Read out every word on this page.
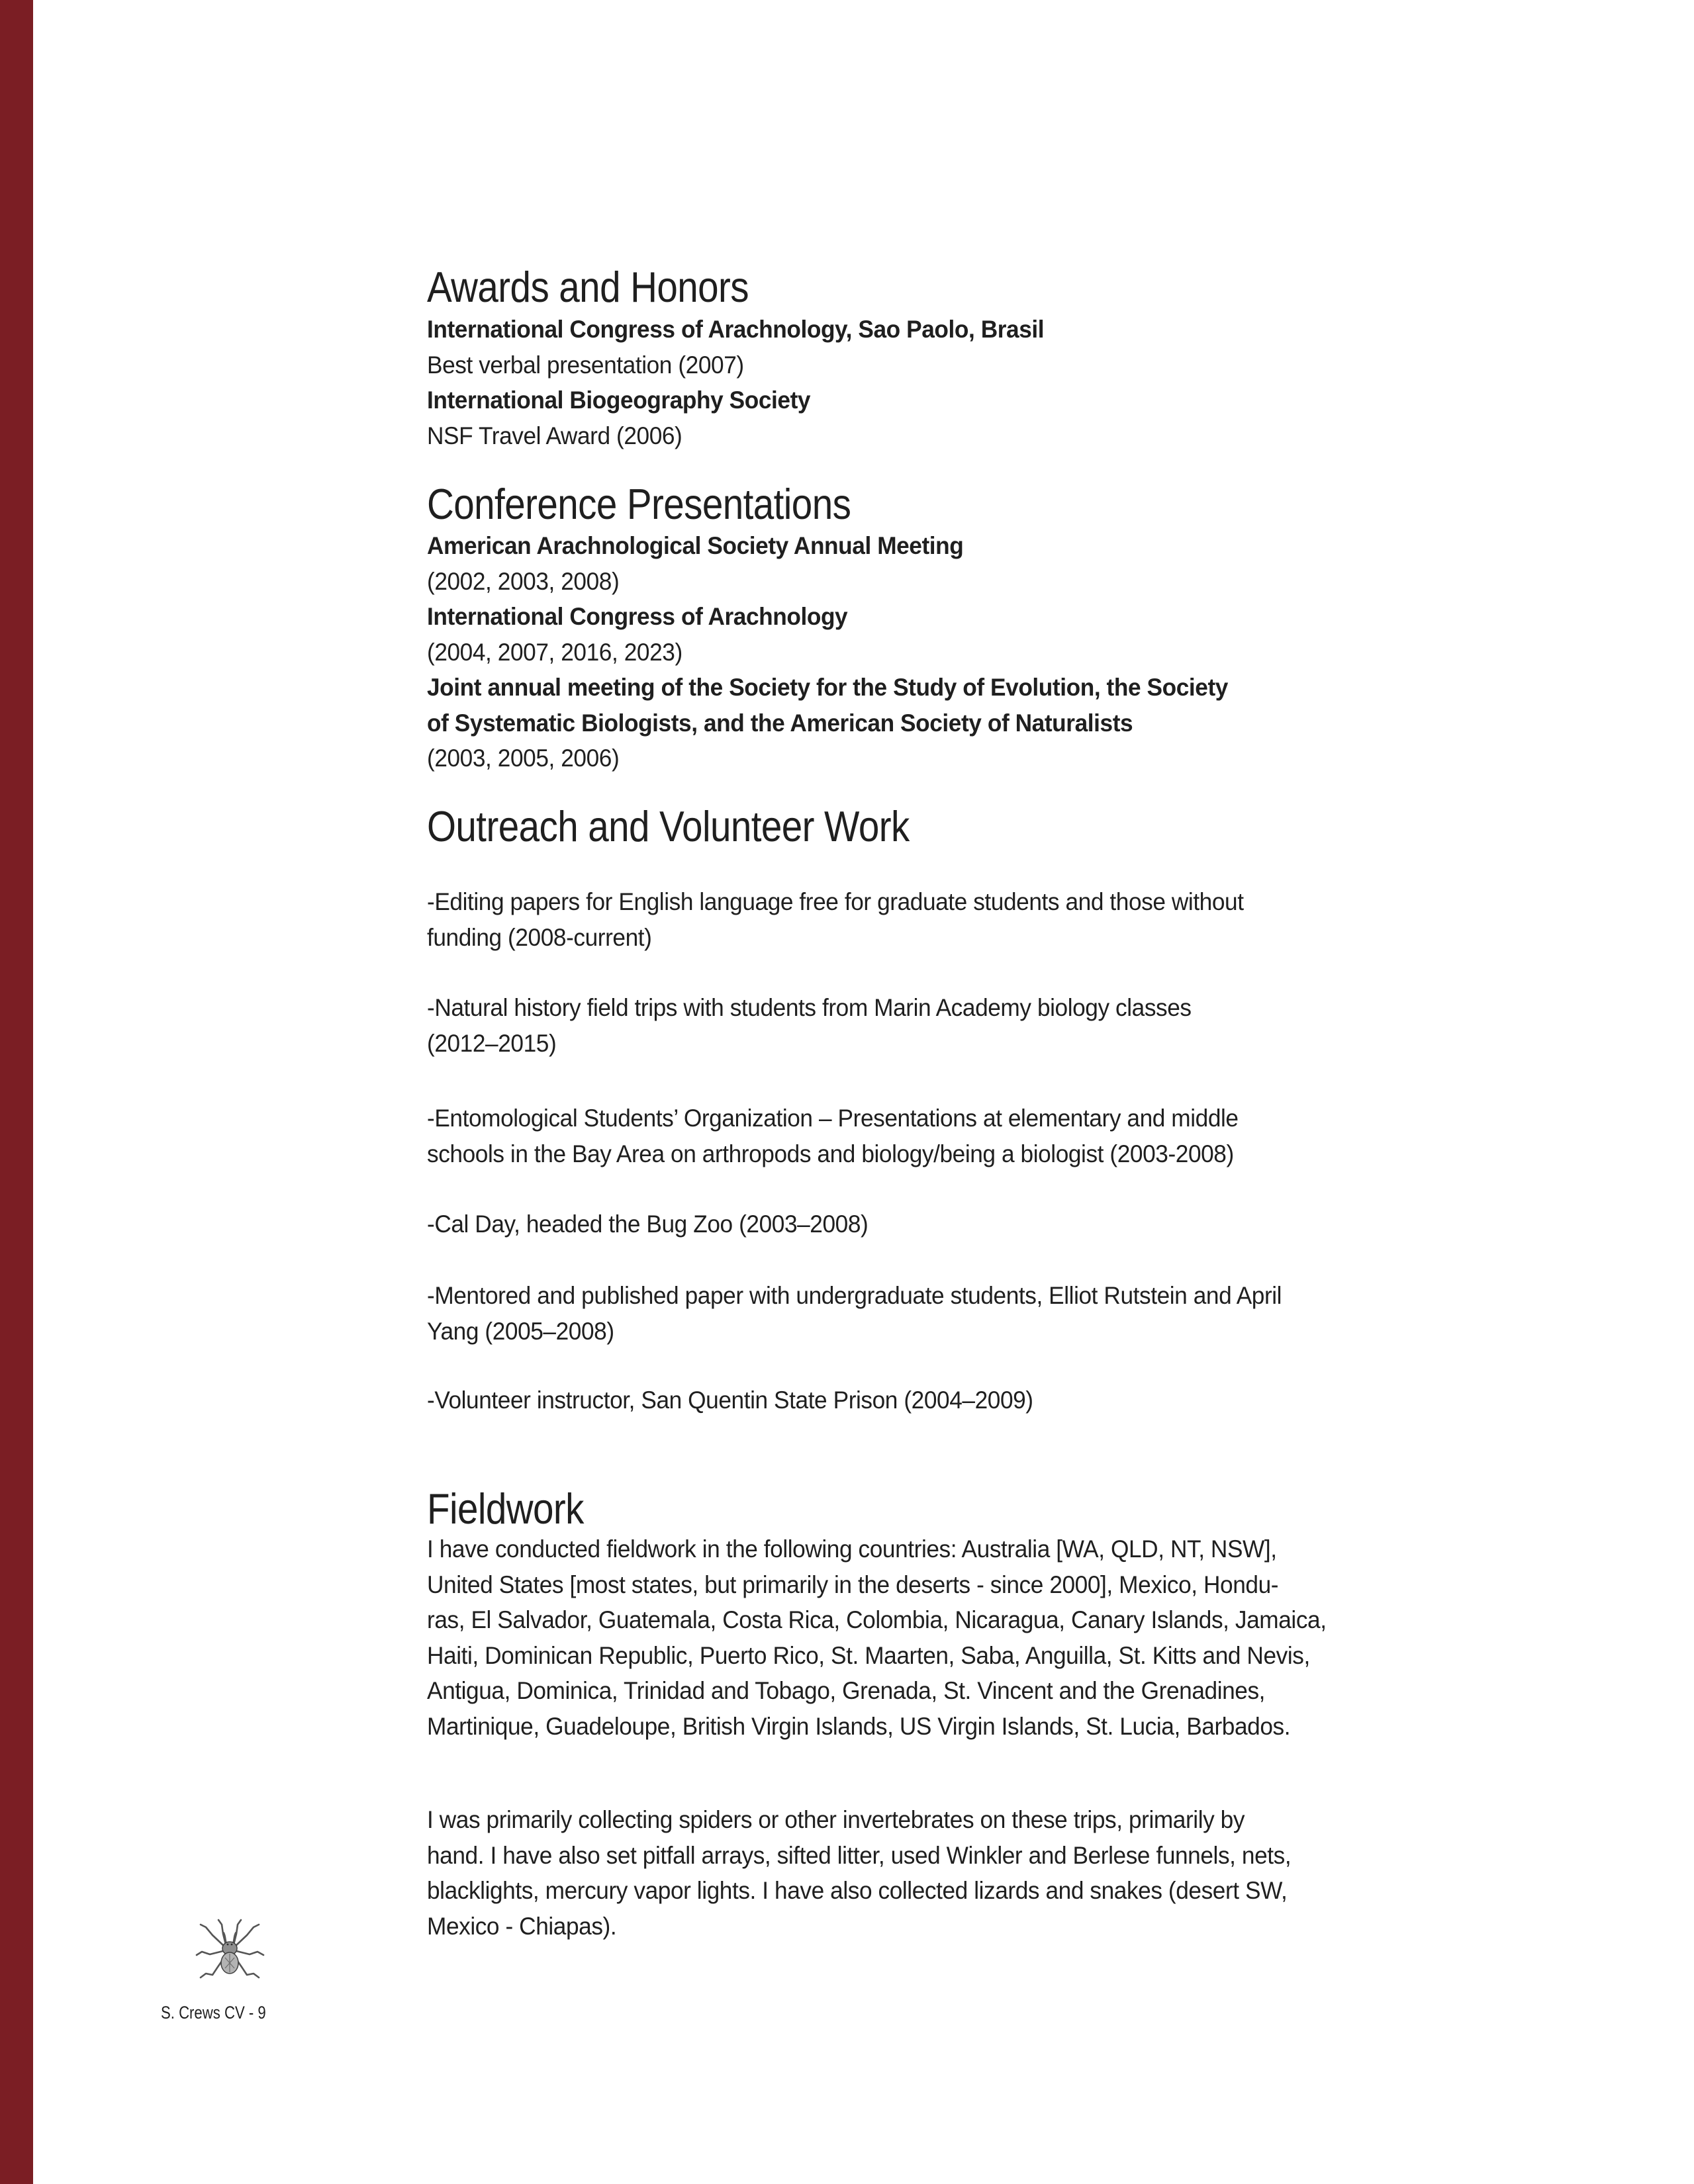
Awards and Honors
International Congress of Arachnology, Sao Paolo, Brasil
Best verbal presentation (2007)
International Biogeography Society
NSF Travel Award (2006)
Conference Presentations
American Arachnological Society Annual Meeting
(2002, 2003, 2008)
International Congress of Arachnology
(2004, 2007, 2016, 2023)
Joint annual meeting of the Society for the Study of Evolution, the Society
of Systematic Biologists, and the American Society of Naturalists
(2003, 2005, 2006)
Outreach and Volunteer Work
-Editing papers for English language free for graduate students and those without
funding (2008-current)
-Natural history field trips with students from Marin Academy biology classes
(2012–2015)
-Entomological Students’ Organization – Presentations at elementary and middle
schools in the Bay Area on arthropods and biology/being a biologist (2003-2008)
-Cal Day, headed the Bug Zoo (2003–2008)
-Mentored and published paper with undergraduate students, Elliot Rutstein and April
Yang (2005–2008)
-Volunteer instructor, San Quentin State Prison (2004–2009)
Fieldwork
I have conducted fieldwork in the following countries: Australia [WA, QLD, NT, NSW],
United States [most states, but primarily in the deserts - since 2000], Mexico, Hondu-
ras, El Salvador, Guatemala, Costa Rica, Colombia, Nicaragua, Canary Islands, Jamaica,
Haiti, Dominican Republic, Puerto Rico, St. Maarten, Saba, Anguilla, St. Kitts and Nevis,
Antigua, Dominica, Trinidad and Tobago, Grenada, St. Vincent and the Grenadines,
Martinique, Guadeloupe, British Virgin Islands, US Virgin Islands, St. Lucia, Barbados.
I was primarily collecting spiders or other invertebrates on these trips, primarily by
hand. I have also set pitfall arrays, sifted litter, used Winkler and Berlese funnels, nets,
blacklights, mercury vapor lights. I have also collected lizards and snakes (desert SW,
Mexico - Chiapas).
S. Crews CV - 9
